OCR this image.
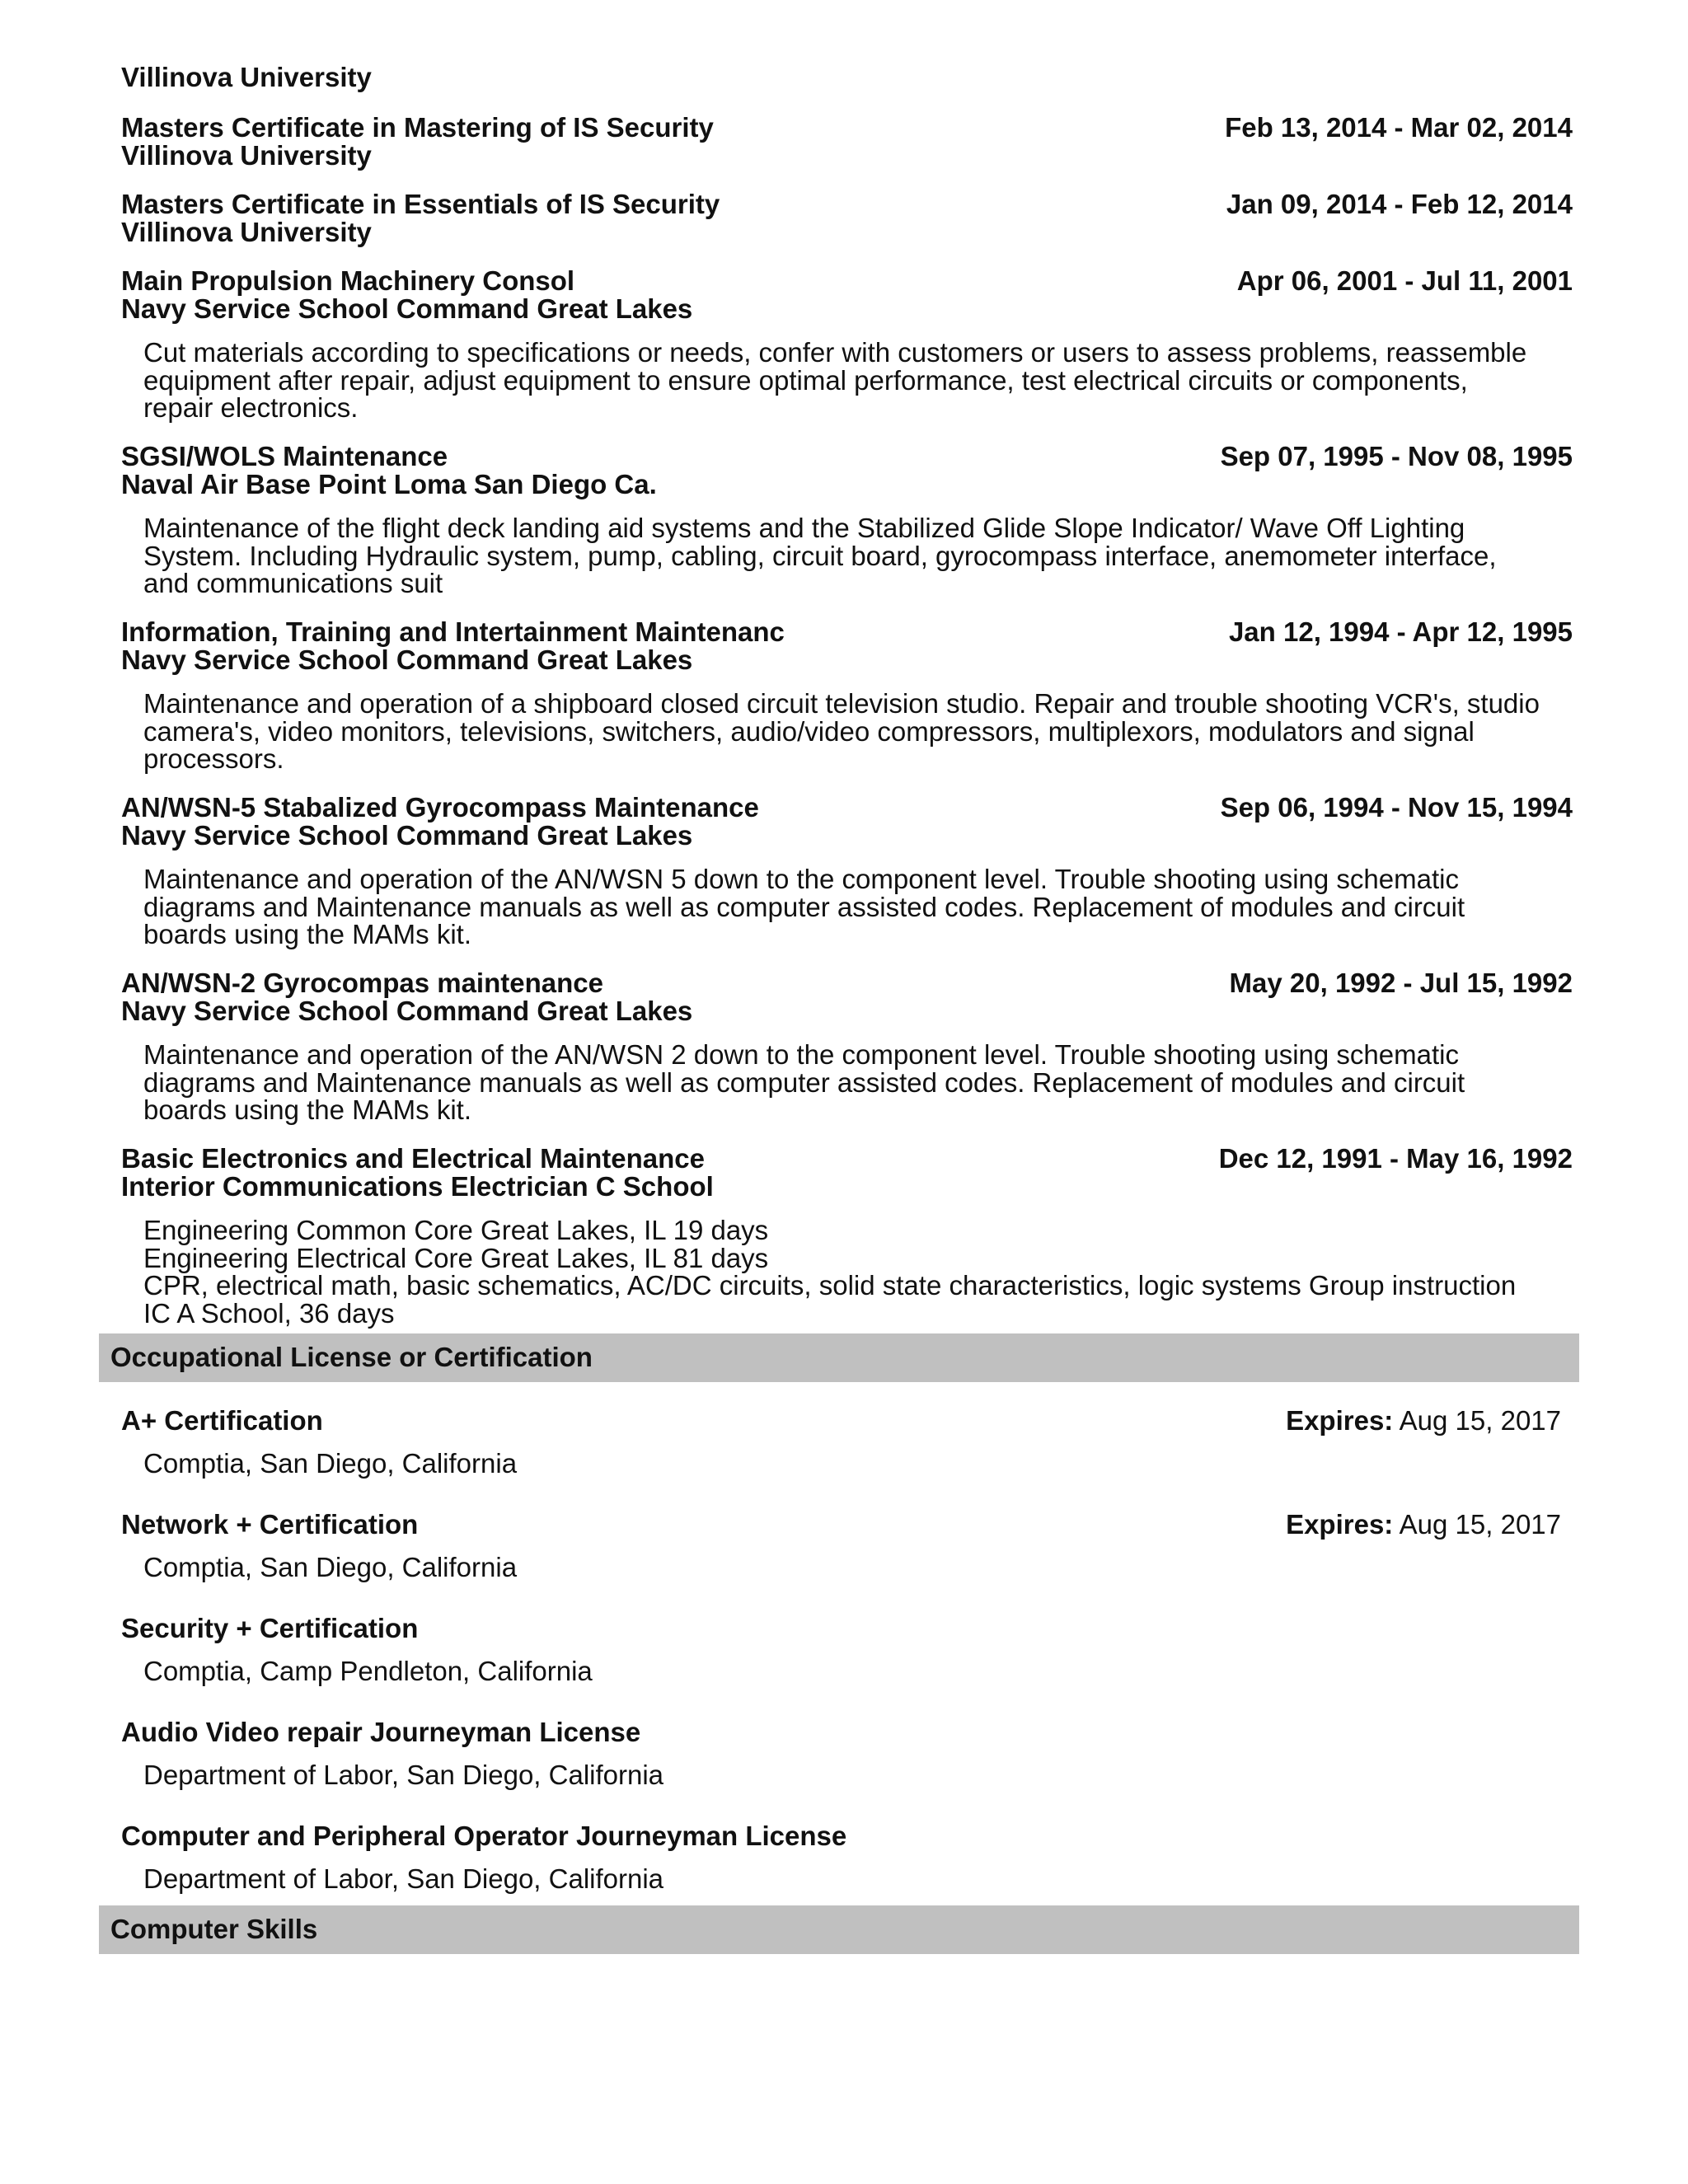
Villinova University
Masters Certificate in Mastering of IS Security	Feb 13, 2014 - Mar 02, 2014
Villinova University
Masters Certificate in Essentials of IS Security	Jan 09, 2014 - Feb 12, 2014
Villinova University
Main Propulsion Machinery Consol	Apr 06, 2001 - Jul 11, 2001
Navy Service School Command Great Lakes
Cut materials according to specifications or needs, confer with customers or users to assess problems, reassemble
equipment after repair, adjust equipment to ensure optimal performance, test electrical circuits or components,
repair electronics.
SGSI/WOLS Maintenance	Sep 07, 1995 - Nov 08, 1995
Naval Air Base Point Loma San Diego Ca.
Maintenance of the flight deck landing aid systems and the Stabilized Glide Slope Indicator/ Wave Off Lighting
System. Including Hydraulic system, pump, cabling, circuit board, gyrocompass interface, anemometer interface,
and communications suit
Information, Training and Intertainment Maintenanc	Jan 12, 1994 - Apr 12, 1995
Navy Service School Command Great Lakes
Maintenance and operation of a shipboard closed circuit television studio. Repair and trouble shooting VCR's, studio
camera's, video monitors, televisions, switchers, audio/video compressors, multiplexors, modulators and signal
processors.
AN/WSN-5 Stabalized Gyrocompass Maintenance	Sep 06, 1994 - Nov 15, 1994
Navy Service School Command Great Lakes
Maintenance and operation of the AN/WSN 5 down to the component level. Trouble shooting using schematic
diagrams and Maintenance manuals as well as computer assisted codes. Replacement of modules and circuit
boards using the MAMs kit.
AN/WSN-2 Gyrocompas maintenance	May 20, 1992 - Jul 15, 1992
Navy Service School Command Great Lakes
Maintenance and operation of the AN/WSN 2 down to the component level. Trouble shooting using schematic
diagrams and Maintenance manuals as well as computer assisted codes. Replacement of modules and circuit
boards using the MAMs kit.
Basic Electronics and Electrical Maintenance	Dec 12, 1991 - May 16, 1992
Interior Communications Electrician C School
Engineering Common Core Great Lakes, IL 19 days
Engineering Electrical Core Great Lakes, IL 81 days
CPR, electrical math, basic schematics, AC/DC circuits, solid state characteristics, logic systems Group instruction
IC A School, 36 days
Occupational License or Certification
A+ Certification	Expires: Aug 15, 2017
Comptia, San Diego, California
Network + Certification	Expires: Aug 15, 2017
Comptia, San Diego, California
Security + Certification
Comptia, Camp Pendleton, California
Audio Video repair Journeyman License
Department of Labor, San Diego, California
Computer and Peripheral Operator Journeyman License
Department of Labor, San Diego, California
Computer Skills
